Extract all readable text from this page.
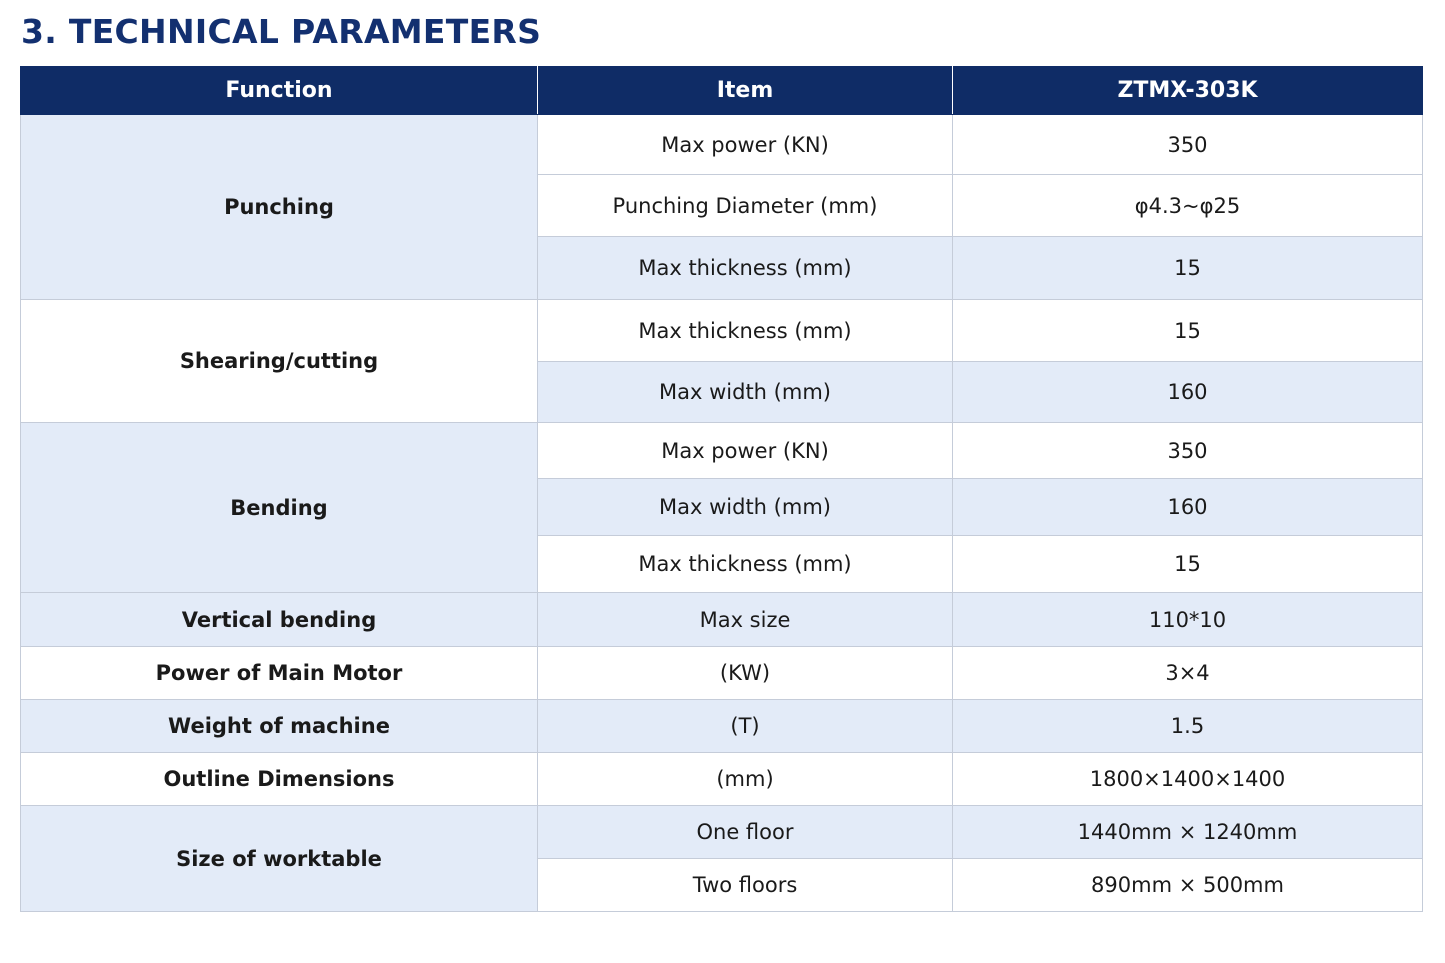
3. TECHNICAL PARAMETERS
Function	Item	ZTMX-303K
Punching	Max power (KN)	350
	Punching Diameter (mm)	φ4.3~φ25
	Max thickness (mm)	15
Shearing/cutting	Max thickness (mm)	15
	Max width (mm)	160
Bending	Max power (KN)	350
	Max width (mm)	160
	Max thickness (mm)	15
Vertical bending	Max size	110*10
Power of Main Motor	(KW)	3×4
Weight of machine	(T)	1.5
Outline Dimensions	(mm)	1800×1400×1400
Size of worktable	One floor	1440mm × 1240mm
	Two floors	890mm × 500mm
